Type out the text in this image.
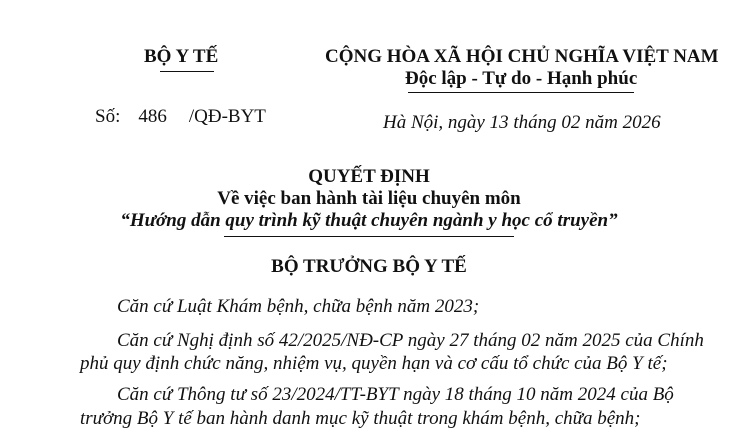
BỘ Y TẾ	CỘNG HÒA XÃ HỘI CHỦ NGHĨA VIỆT NAM
Độc lập - Tự do - Hạnh phúc
Số: 486 /QĐ-BYT	Hà Nội, ngày 13 tháng 02 năm 2026
QUYẾT ĐỊNH
Về việc ban hành tài liệu chuyên môn
“Hướng dẫn quy trình kỹ thuật chuyên ngành y học cổ truyền”
BỘ TRƯỞNG BỘ Y TẾ
Căn cứ Luật Khám bệnh, chữa bệnh năm 2023;
Căn cứ Nghị định số 42/2025/NĐ-CP ngày 27 tháng 02 năm 2025 của Chính
phủ quy định chức năng, nhiệm vụ, quyền hạn và cơ cấu tổ chức của Bộ Y tế;
Căn cứ Thông tư số 23/2024/TT-BYT ngày 18 tháng 10 năm 2024 của Bộ
trưởng Bộ Y tế ban hành danh mục kỹ thuật trong khám bệnh, chữa bệnh;
